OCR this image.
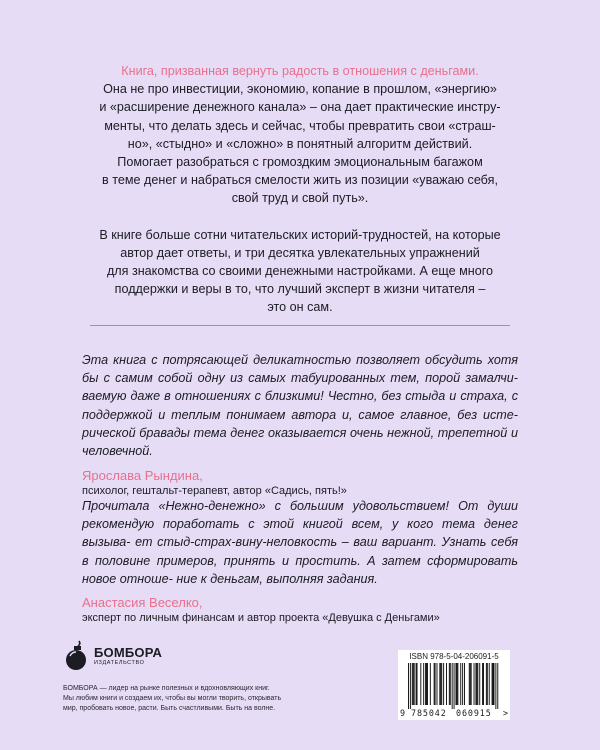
Книга, призванная вернуть радость в отношения с деньгами.

Она не про инвестиции, экономию, копание в прошлом, «энергию»
и «расширение денежного канала» – она дает практические инстру-
менты, что делать здесь и сейчас, чтобы превратить свои «страш-
но», «стыдно» и «сложно» в понятный алгоритм действий.
Помогает разобраться с громоздким эмоциональным багажом
в теме денег и набраться смелости жить из позиции «уважаю себя,
свой труд и свой путь».

В книге больше сотни читательских историй-трудностей, на которые
автор дает ответы, и три десятка увлекательных упражнений
для знакомства со своими денежными настройками. А еще много
поддержки и веры в то, что лучший эксперт в жизни читателя –
это он сам.

Эта книга с потрясающей деликатностью позволяет обсудить хотя бы с самим собой одну из самых табуированных тем, порой замалчи- ваемую даже в отношениях с близкими! Честно, без стыда и страха, с поддержкой и теплым понимаем автора и, самое главное, без исте- рической бравады тема денег оказывается очень нежной, трепетной и человечной.

Ярослава Рындина,
психолог, гештальт-терапевт, автор «Садись, пять!»

Прочитала «Нежно-денежно» с большим удовольствием! От души рекомендую поработать с этой книгой всем, у кого тема денег вызыва- ет стыд-страх-вину-неловкость – ваш вариант. Узнать себя в половине примеров, принять и простить. А затем сформировать новое отноше- ние к деньгам, выполняя задания.

Анастасия Веселко,
эксперт по личным финансам и автор проекта «Девушка с Деньгами»
БОМБОРА
ИЗДАТЕЛЬСТВО
БОМБОРА — лидер на рынке полезных и вдохновляющих книг.
Мы любим книги и создаем их, чтобы вы могли творить, открывать
мир, пробовать новое, расти. Быть счастливыми. Быть на волне.
ISBN 978-5-04-206091-5
9 785042 060915 >
